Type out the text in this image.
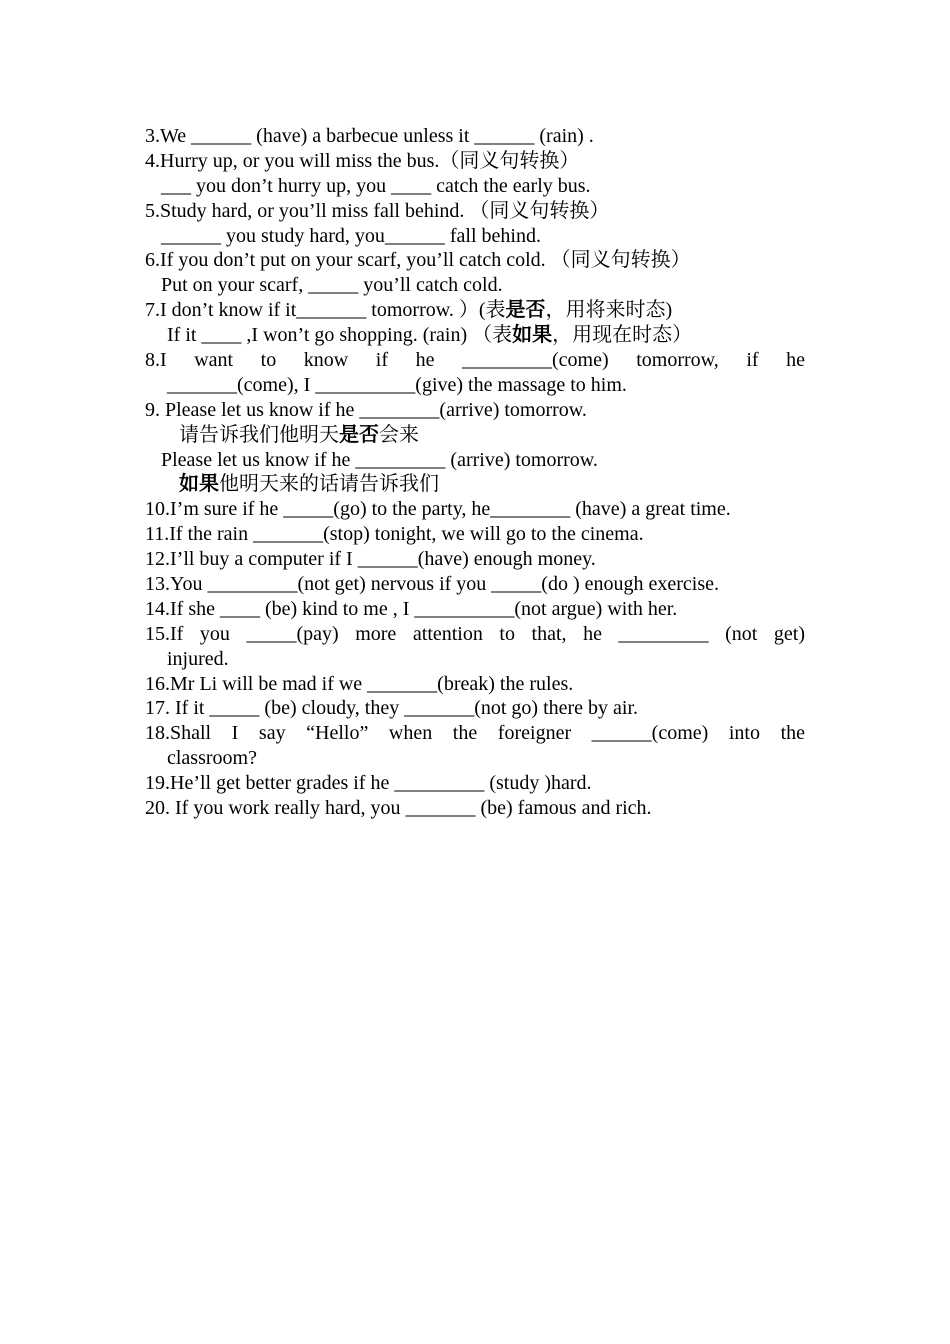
3.We ______ (have) a barbecue unless it ______ (rain) .
4.Hurry up, or you will miss the bus.（同义句转换）
___ you don’t hurry up, you ____ catch the early bus.
5.Study hard, or you’ll miss fall behind. （同义句转换）
______ you study hard, you______ fall behind.
6.If you don’t put on your scarf, you’ll catch cold. （同义句转换）
Put on your scarf, _____ you’ll catch cold.
7.I don’t know if it_______ tomorrow. ）(表是否，用将来时态)
If it ____ ,I won’t go shopping. (rain) （表如果，用现在时态）
8.I want to know if he _________(come) tomorrow, if he
_______(come), I __________(give) the massage to him.
9. Please let us know if he ________(arrive) tomorrow.
请告诉我们他明天是否会来
Please let us know if he _________ (arrive) tomorrow.
如果他明天来的话请告诉我们
10.I’m sure if he _____(go) to the party, he________ (have) a great time.
11.If the rain _______(stop) tonight, we will go to the cinema.
12.I’ll buy a computer if I ______(have) enough money.
13.You _________(not get) nervous if you _____(do ) enough exercise.
14.If she ____ (be) kind to me , I __________(not argue) with her.
15.If you _____(pay) more attention to that, he _________ (not get)
injured.
16.Mr Li will be mad if we _______(break) the rules.
17. If it _____ (be) cloudy, they _______(not go) there by air.
18.Shall I say “Hello” when the foreigner ______(come) into the
classroom?
19.He’ll get better grades if he _________ (study )hard.
20. If you work really hard, you _______ (be) famous and rich.
